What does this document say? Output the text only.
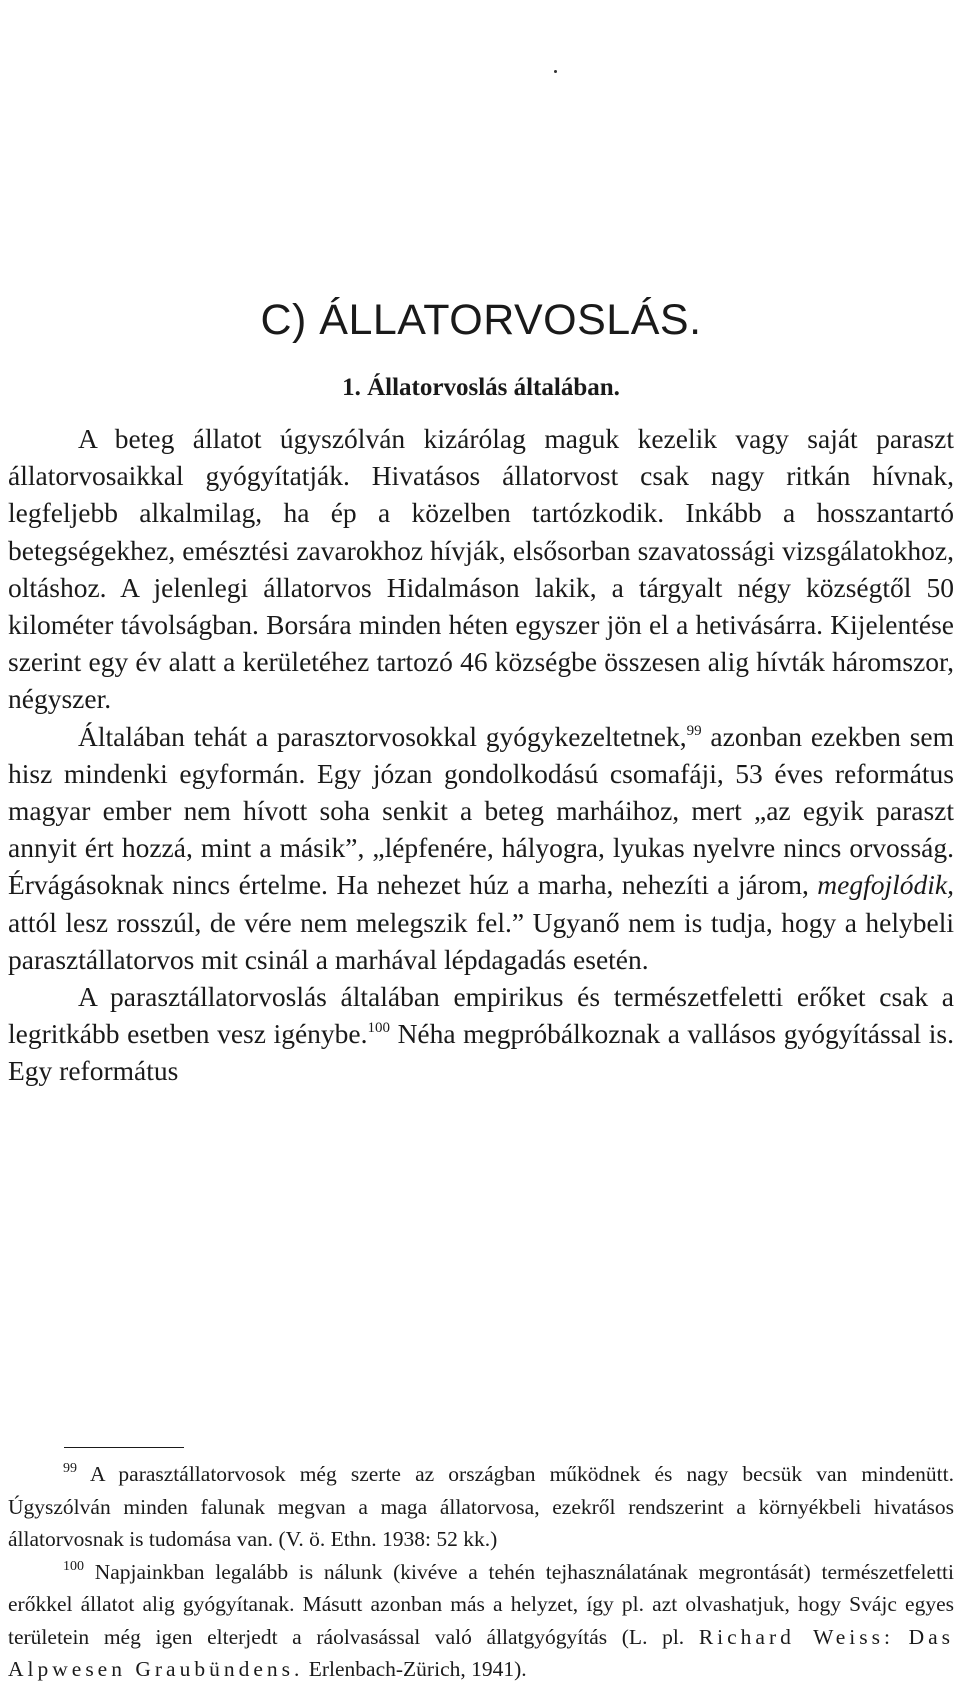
C) ÁLLATORVOSLÁS.
1. Állatorvoslás általában.

A beteg állatot úgyszólván kizárólag maguk kezelik vagy saját paraszt állatorvosaikkal gyógyítatják. Hivatásos állatorvost csak nagy ritkán hívnak, legfeljebb alkalmilag, ha ép a közelben tartózkodik. Inkább a hosszantartó betegségekhez, emésztési zavarokhoz hívják, elsősorban szavatossági vizsgálatokhoz, oltáshoz. A jelenlegi állatorvos Hidalmáson lakik, a tárgyalt négy községtől 50 kilométer távolságban. Borsára minden héten egyszer jön el a hetivásárra. Kijelentése szerint egy év alatt a kerületéhez tartozó 46 községbe összesen alig hívták háromszor, négyszer.

Általában tehát a parasztorvosokkal gyógykezeltetnek,$^{99}$ azonban ezekben sem hisz mindenki egyformán. Egy józan gondolkodású csomafáji, 53 éves református magyar ember nem hívott soha senkit a beteg marháihoz, mert „az egyik paraszt annyit ért hozzá, mint a másik”, „lépfenére, hályogra, lyukas nyelvre nincs orvosság. Érvágásoknak nincs értelme. Ha nehezet húz a marha, nehezíti a járom, megfojlódik, attól lesz rosszúl, de vére nem melegszik fel.” Ugyanő nem is tudja, hogy a helybeli parasztállatorvos mit csinál a marhával lépdagadás esetén.

A parasztállatorvoslás általában empirikus és természetfeletti erőket csak a legritkább esetben vesz igénybe.$^{100}$ Néha megpróbálkoznak a vallásos gyógyítással is. Egy református

$^{99}$ A parasztállatorvosok még szerte az országban működnek és nagy becsük van mindenütt. Úgyszólván minden falunak megvan a maga állatorvosa, ezekről rendszerint a környékbeli hivatásos állatorvosnak is tudomása van. (V. ö. Ethn. 1938: 52 kk.)

$^{100}$ Napjainkban legalább is nálunk (kivéve a tehén tejhasználatának megrontását) természetfeletti erőkkel állatot alig gyógyítanak. Másutt azonban más a helyzet, így pl. azt olvashatjuk, hogy Svájc egyes területein még igen elterjedt a ráolvasással való állatgyógyítás (L. pl. Richard Weiss: Das Alpwesen Graubündens. Erlenbach-Zürich, 1941).
